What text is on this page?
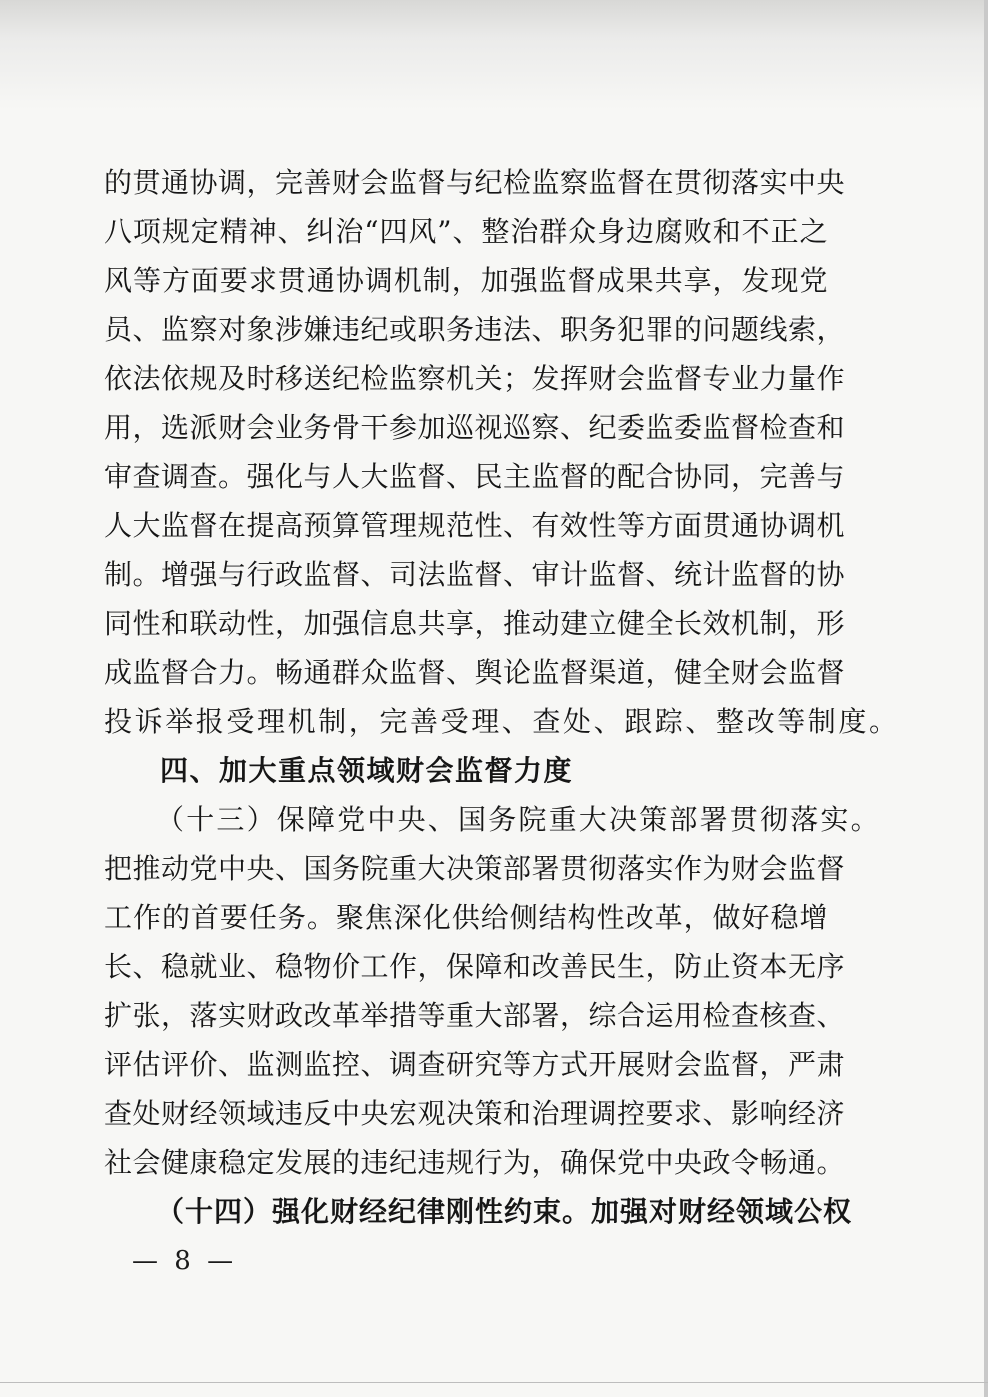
的贯通协调，完善财会监督与纪检监察监督在贯彻落实中央
八项规定精神、纠治“四风”、整治群众身边腐败和不正之
风等方面要求贯通协调机制，加强监督成果共享，发现党
员、监察对象涉嫌违纪或职务违法、职务犯罪的问题线索，
依法依规及时移送纪检监察机关；发挥财会监督专业力量作
用，选派财会业务骨干参加巡视巡察、纪委监委监督检查和
审查调查。强化与人大监督、民主监督的配合协同，完善与
人大监督在提高预算管理规范性、有效性等方面贯通协调机
制。增强与行政监督、司法监督、审计监督、统计监督的协
同性和联动性，加强信息共享，推动建立健全长效机制，形
成监督合力。畅通群众监督、舆论监督渠道，健全财会监督
投诉举报受理机制，完善受理、查处、跟踪、整改等制度。
四、加大重点领域财会监督力度
（十三）保障党中央、国务院重大决策部署贯彻落实。
把推动党中央、国务院重大决策部署贯彻落实作为财会监督
工作的首要任务。聚焦深化供给侧结构性改革，做好稳增
长、稳就业、稳物价工作，保障和改善民生，防止资本无序
扩张，落实财政改革举措等重大部署，综合运用检查核查、
评估评价、监测监控、调查研究等方式开展财会监督，严肃
查处财经领域违反中央宏观决策和治理调控要求、影响经济
社会健康稳定发展的违纪违规行为，确保党中央政令畅通。
（十四）强化财经纪律刚性约束。加强对财经领域公权
— 8 —
